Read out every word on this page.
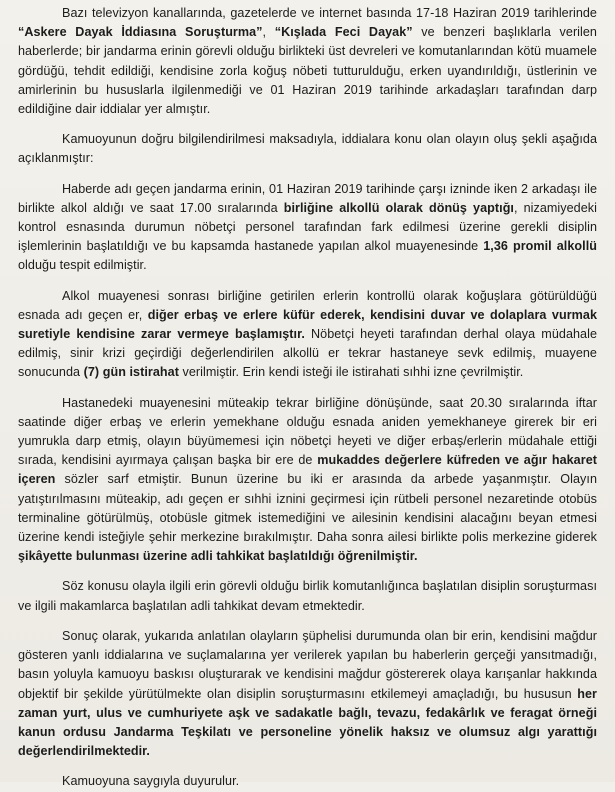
Bazı televizyon kanallarında, gazetelerde ve internet basında 17-18 Haziran 2019 tarihlerinde “Askere Dayak İddiasına Soruşturma”, “Kışlada Feci Dayak” ve benzeri başlıklarla verilen haberlerde; bir jandarma erinin görevli olduğu birlikteki üst devreleri ve komutanlarından kötü muamele gördüğü, tehdit edildiği, kendisine zorla koğuş nöbeti tutturulduğu, erken uyandırıldığı, üstlerinin ve amirlerinin bu hususlarla ilgilenmediği ve 01 Haziran 2019 tarihinde arkadaşları tarafından darp edildiğine dair iddialar yer almıştır.

Kamuoyunun doğru bilgilendirilmesi maksadıyla, iddialara konu olan olayın oluş şekli aşağıda açıklanmıştır:

Haberde adı geçen jandarma erinin, 01 Haziran 2019 tarihinde çarşı izninde iken 2 arkadaşı ile birlikte alkol aldığı ve saat 17.00 sıralarında birliğine alkollü olarak dönüş yaptığı, nizamiyedeki kontrol esnasında durumun nöbetçi personel tarafından fark edilmesi üzerine gerekli disiplin işlemlerinin başlatıldığı ve bu kapsamda hastanede yapılan alkol muayenesinde 1,36 promil alkollü olduğu tespit edilmiştir.

Alkol muayenesi sonrası birliğine getirilen erlerin kontrollü olarak koğuşlara götürüldüğü esnada adı geçen er, diğer erbaş ve erlere küfür ederek, kendisini duvar ve dolaplara vurmak suretiyle kendisine zarar vermeye başlamıştır. Nöbetçi heyeti tarafından derhal olaya müdahale edilmiş, sinir krizi geçirdiği değerlendirilen alkollü er tekrar hastaneye sevk edilmiş, muayene sonucunda (7) gün istirahat verilmiştir. Erin kendi isteği ile istirahati sıhhi izne çevrilmiştir.

Hastanedeki muayenesini müteakip tekrar birliğine dönüşünde, saat 20.30 sıralarında iftar saatinde diğer erbaş ve erlerin yemekhane olduğu esnada aniden yemekhaneye girerek bir eri yumrukla darp etmiş, olayın büyümemesi için nöbetçi heyeti ve diğer erbaş/erlerin müdahale ettiği sırada, kendisini ayırmaya çalışan başka bir ere de mukaddes değerlere küfreden ve ağır hakaret içeren sözler sarf etmiştir. Bunun üzerine bu iki er arasında da arbede yaşanmıştır. Olayın yatıştırılmasını müteakip, adı geçen er sıhhi iznini geçirmesi için rütbeli personel nezaretinde otobüs terminaline götürülmüş, otobüsle gitmek istemediğini ve ailesinin kendisini alacağını beyan etmesi üzerine kendi isteğiyle şehir merkezine bırakılmıştır. Daha sonra ailesi birlikte polis merkezine giderek şikâyette bulunması üzerine adli tahkikat başlatıldığı öğrenilmiştir.

Söz konusu olayla ilgili erin görevli olduğu birlik komutanlığınca başlatılan disiplin soruşturması ve ilgili makamlarca başlatılan adli tahkikat devam etmektedir.

Sonuç olarak, yukarıda anlatılan olayların şüphelisi durumunda olan bir erin, kendisini mağdur gösteren yanlı iddialarına ve suçlamalarına yer verilerek yapılan bu haberlerin gerçeği yansıtmadığı, basın yoluyla kamuoyu baskısı oluşturarak ve kendisini mağdur göstererek olaya karışanlar hakkında objektif bir şekilde yürütülmekte olan disiplin soruşturmasını etkilemeyi amaçladığı, bu hususun her zaman yurt, ulus ve cumhuriyete aşk ve sadakatle bağlı, tevazu, fedakârlık ve feragat örneği kanun ordusu Jandarma Teşkilatı ve personeline yönelik haksız ve olumsuz algı yarattığı değerlendirilmektedir.

Kamuoyuna saygıyla duyurulur.
